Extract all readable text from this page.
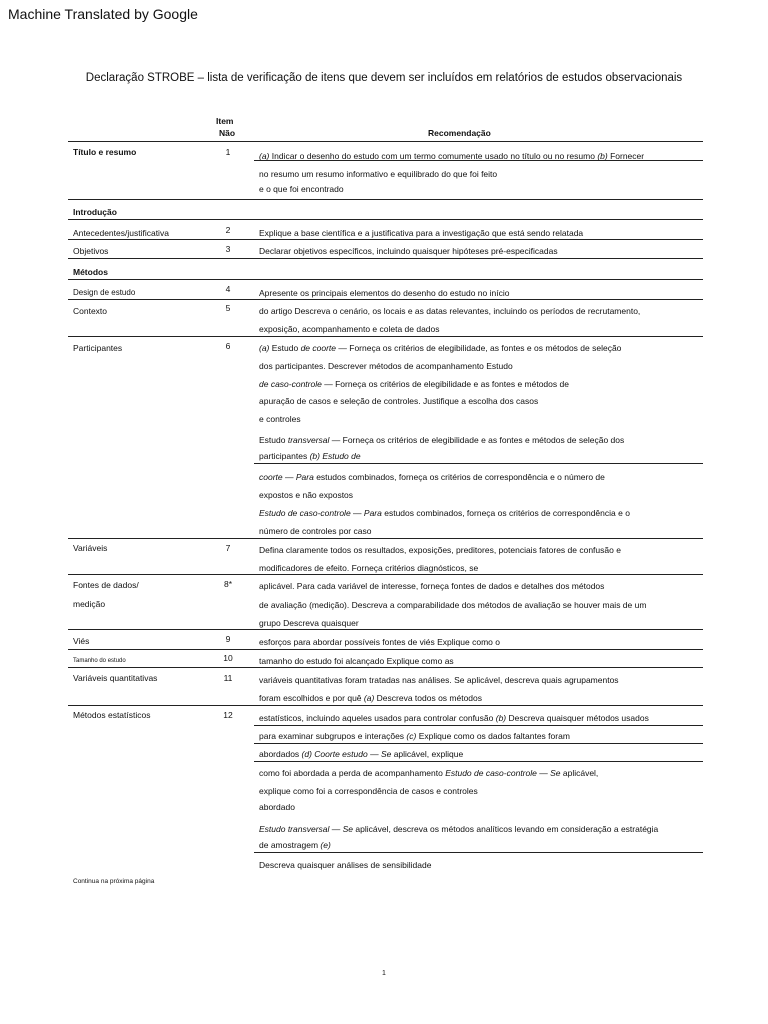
Machine Translated by Google
Declaração STROBE – lista de verificação de itens que devem ser incluídos em relatórios de estudos observacionais
Item
Não	Recomendação
Título e resumo	1	(a) Indicar o desenho do estudo com um termo comumente usado no título ou no resumo (b) Fornecer
no resumo um resumo informativo e equilibrado do que foi feito
e o que foi encontrado
Introdução
Antecedentes/justificativa	2	Explique a base científica e a justificativa para a investigação que está sendo relatada
Objetivos	3	Declarar objetivos específicos, incluindo quaisquer hipóteses pré-especificadas
Métodos
Design de estudo	4	Apresente os principais elementos do desenho do estudo no início
Contexto	5	do artigo Descreva o cenário, os locais e as datas relevantes, incluindo os períodos de recrutamento,
exposição, acompanhamento e coleta de dados
Participantes	6	(a) Estudo de coorte — Forneça os critérios de elegibilidade, as fontes e os métodos de seleção
dos participantes. Descrever métodos de acompanhamento Estudo
de caso-controle — Forneça os critérios de elegibilidade e as fontes e métodos de
apuração de casos e seleção de controles. Justifique a escolha dos casos
e controles
Estudo transversal — Forneça os critérios de elegibilidade e as fontes e métodos de seleção dos
participantes (b) Estudo de
coorte — Para estudos combinados, forneça os critérios de correspondência e o número de
expostos e não expostos
Estudo de caso-controle — Para estudos combinados, forneça os critérios de correspondência e o
número de controles por caso
Variáveis	7	Defina claramente todos os resultados, exposições, preditores, potenciais fatores de confusão e
modificadores de efeito. Forneça critérios diagnósticos, se
Fontes de dados/
medição
8*	aplicável. Para cada variável de interesse, forneça fontes de dados e detalhes dos métodos
de avaliação (medição). Descreva a comparabilidade dos métodos de avaliação se houver mais de um
grupo Descreva quaisquer
Viés	9	esforços para abordar possíveis fontes de viés Explique como o
Tamanho do estudo	10	tamanho do estudo foi alcançado Explique como as
Variáveis quantitativas	11	variáveis quantitativas foram tratadas nas análises. Se aplicável, descreva quais agrupamentos
foram escolhidos e por quê (a) Descreva todos os métodos
Métodos estatísticos	12	estatísticos, incluindo aqueles usados para controlar confusão (b) Descreva quaisquer métodos usados
para examinar subgrupos e interações (c) Explique como os dados faltantes foram
abordados (d) Coorte estudo — Se aplicável, explique
como foi abordada a perda de acompanhamento Estudo de caso-controle — Se aplicável,
explique como foi a correspondência de casos e controles
abordado
Estudo transversal — Se aplicável, descreva os métodos analíticos levando em consideração a estratégia
de amostragem (e)
Descreva quaisquer análises de sensibilidade
Continua na próxima página
1
